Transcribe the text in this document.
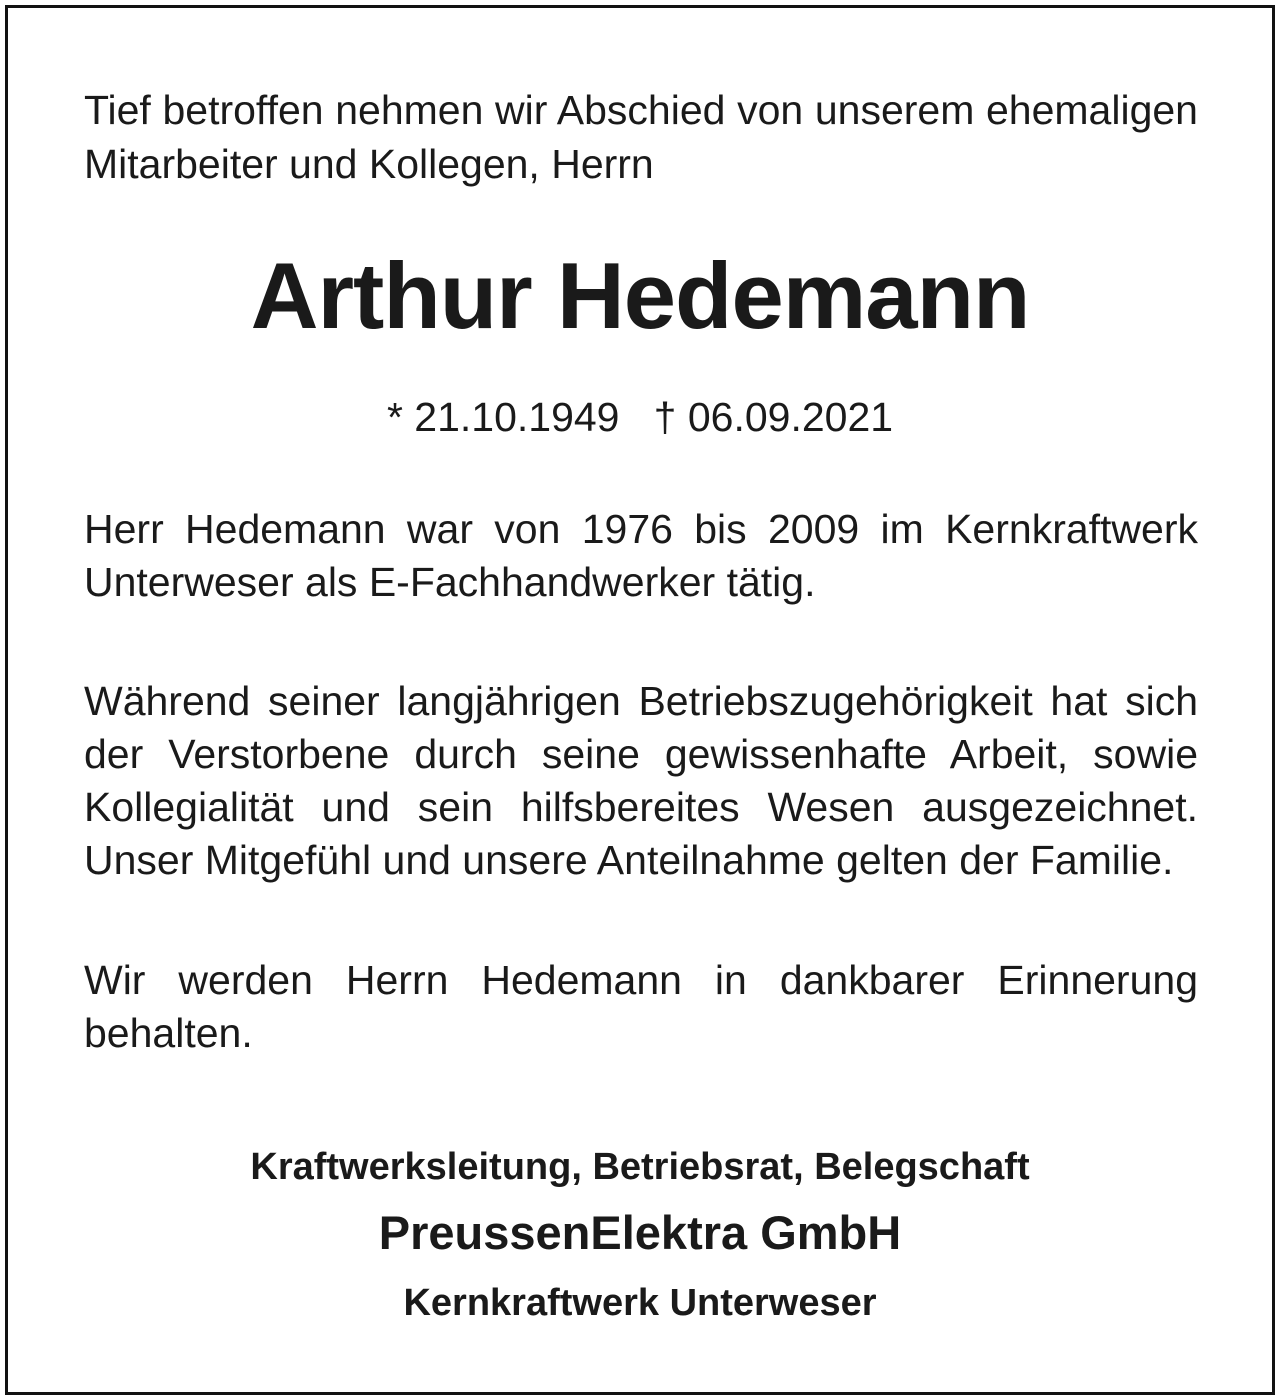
Tief betroffen nehmen wir Abschied von unserem ehemaligen Mitarbeiter und Kollegen, Herrn

Arthur Hedemann

* 21.10.1949   † 06.09.2021

Herr Hedemann war von 1976 bis 2009 im Kernkraftwerk Unterweser als E-Fachhandwerker tätig.

Während seiner langjährigen Betriebszugehörigkeit hat sich der Verstorbene durch seine gewissenhafte Arbeit, sowie Kollegialität und sein hilfsbereites Wesen ausgezeichnet. Unser Mitgefühl und unsere Anteilnahme gelten der Familie.

Wir werden Herrn Hedemann in dankbarer Erinnerung behalten.

Kraftwerksleitung, Betriebsrat, Belegschaft

PreussenElektra GmbH

Kernkraftwerk Unterweser
